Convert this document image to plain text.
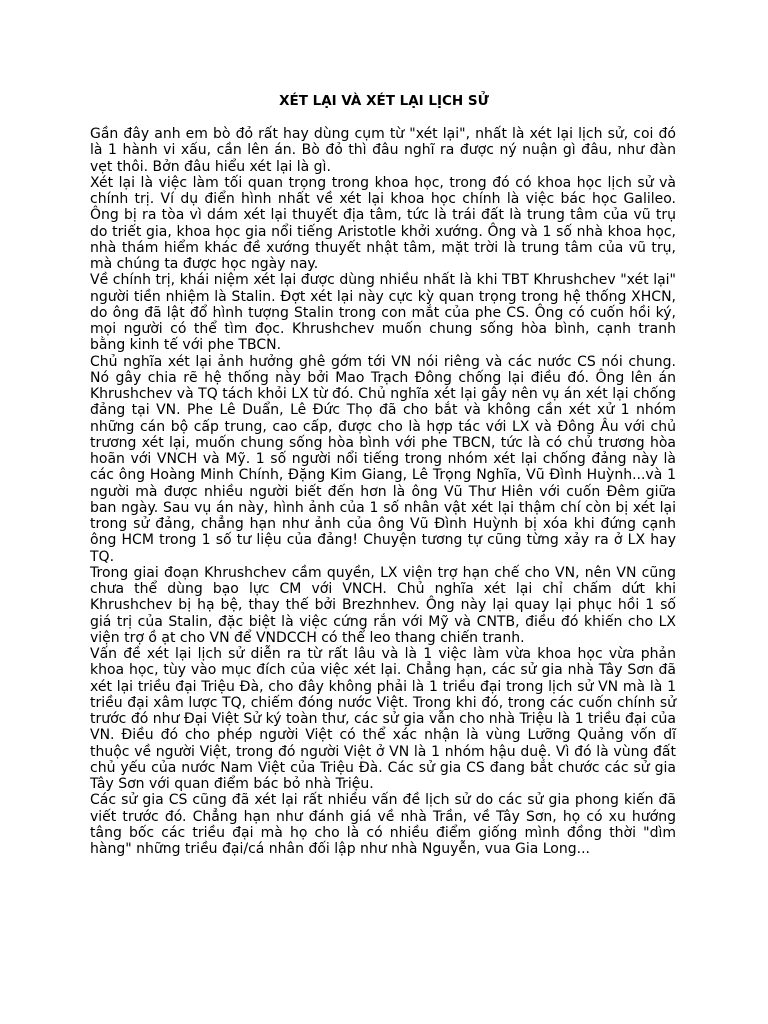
XÉT LẠI VÀ XÉT LẠI LỊCH SỬ

Gần đây anh em bò đỏ rất hay dùng cụm từ "xét lại", nhất là xét lại lịch sử, coi đó là 1 hành vi xấu, cần lên án. Bò đỏ thì đâu nghĩ ra được ný nuận gì đâu, như đàn vẹt thôi. Bởn đâu hiểu xét lại là gì.

Xét lại là việc làm tối quan trọng trong khoa học, trong đó có khoa học lịch sử và chính trị. Ví dụ điển hình nhất về xét lại khoa học chính là việc bác học Galileo. Ông bị ra tòa vì dám xét lại thuyết địa tâm, tức là trái đất là trung tâm của vũ trụ do triết gia, khoa học gia nổi tiếng Aristotle khởi xướng. Ông và 1 số nhà khoa học, nhà thám hiểm khác đề xướng thuyết nhật tâm, mặt trời là trung tâm của vũ trụ, mà chúng ta được học ngày nay.

Về chính trị, khái niệm xét lại được dùng nhiều nhất là khi TBT Khrushchev "xét lại" người tiền nhiệm là Stalin. Đợt xét lại này cực kỳ quan trọng trong hệ thống XHCN, do ông đã lật đổ hình tượng Stalin trong con mắt của phe CS. Ông có cuốn hồi ký, mọi người có thể tìm đọc. Khrushchev muốn chung sống hòa bình, cạnh tranh bằng kinh tế với phe TBCN.

Chủ nghĩa xét lại ảnh hưởng ghê gớm tới VN nói riêng và các nước CS nói chung. Nó gây chia rẽ hệ thống này bởi Mao Trạch Đông chống lại điều đó. Ông lên án Khrushchev và TQ tách khỏi LX từ đó. Chủ nghĩa xét lại gây nên vụ án xét lại chống đảng tại VN. Phe Lê Duẩn, Lê Đức Thọ đã cho bắt và không cần xét xử 1 nhóm những cán bộ cấp trung, cao cấp, được cho là hợp tác với LX và Đông Âu với chủ trương xét lại, muốn chung sống hòa bình với phe TBCN, tức là có chủ trương hòa hoãn với VNCH và Mỹ. 1 số người nổi tiếng trong nhóm xét lại chống đảng này là các ông Hoàng Minh Chính, Đặng Kim Giang, Lê Trọng Nghĩa, Vũ Đình Huỳnh...và 1 người mà được nhiều người biết đến hơn là ông Vũ Thư Hiên với cuốn Đêm giữa ban ngày. Sau vụ án này, hình ảnh của 1 số nhân vật xét lại thậm chí còn bị xét lại trong sử đảng, chẳng hạn như ảnh của ông Vũ Đình Huỳnh bị xóa khi đứng cạnh ông HCM trong 1 số tư liệu của đảng! Chuyện tương tự cũng từng xảy ra ở LX hay TQ.

Trong giai đoạn Khrushchev cầm quyền, LX viện trợ hạn chế cho VN, nên VN cũng chưa thể dùng bạo lực CM với VNCH. Chủ nghĩa xét lại chỉ chấm dứt khi Khrushchev bị hạ bệ, thay thế bởi Brezhnhev. Ông này lại quay lại phục hồi 1 số giá trị của Stalin, đặc biệt là việc cứng rắn với Mỹ và CNTB, điều đó khiến cho LX viện trợ ồ ạt cho VN để VNDCCH có thể leo thang chiến tranh.

Vấn đề xét lại lịch sử diễn ra từ rất lâu và là 1 việc làm vừa khoa học vừa phản khoa học, tùy vào mục đích của việc xét lại. Chẳng hạn, các sử gia nhà Tây Sơn đã xét lại triều đại Triệu Đà, cho đây không phải là 1 triều đại trong lịch sử VN mà là 1 triều đại xâm lược TQ, chiếm đóng nước Việt. Trong khi đó, trong các cuốn chính sử trước đó như Đại Việt Sử ký toàn thư, các sử gia vẫn cho nhà Triệu là 1 triều đại của VN. Điều đó cho phép người Việt có thể xác nhận là vùng Lưỡng Quảng vốn dĩ thuộc về người Việt, trong đó người Việt ở VN là 1 nhóm hậu duệ. Vì đó là vùng đất chủ yếu của nước Nam Việt của Triệu Đà. Các sử gia CS đang bắt chước các sử gia Tây Sơn với quan điểm bác bỏ nhà Triệu.

Các sử gia CS cũng đã xét lại rất nhiều vấn đề lịch sử do các sử gia phong kiến đã viết trước đó. Chẳng hạn như đánh giá về nhà Trần, về Tây Sơn, họ có xu hướng tâng bốc các triều đại mà họ cho là có nhiều điểm giống mình đồng thời "dìm hàng" những triều đại/cá nhân đối lập như nhà Nguyễn, vua Gia Long...
